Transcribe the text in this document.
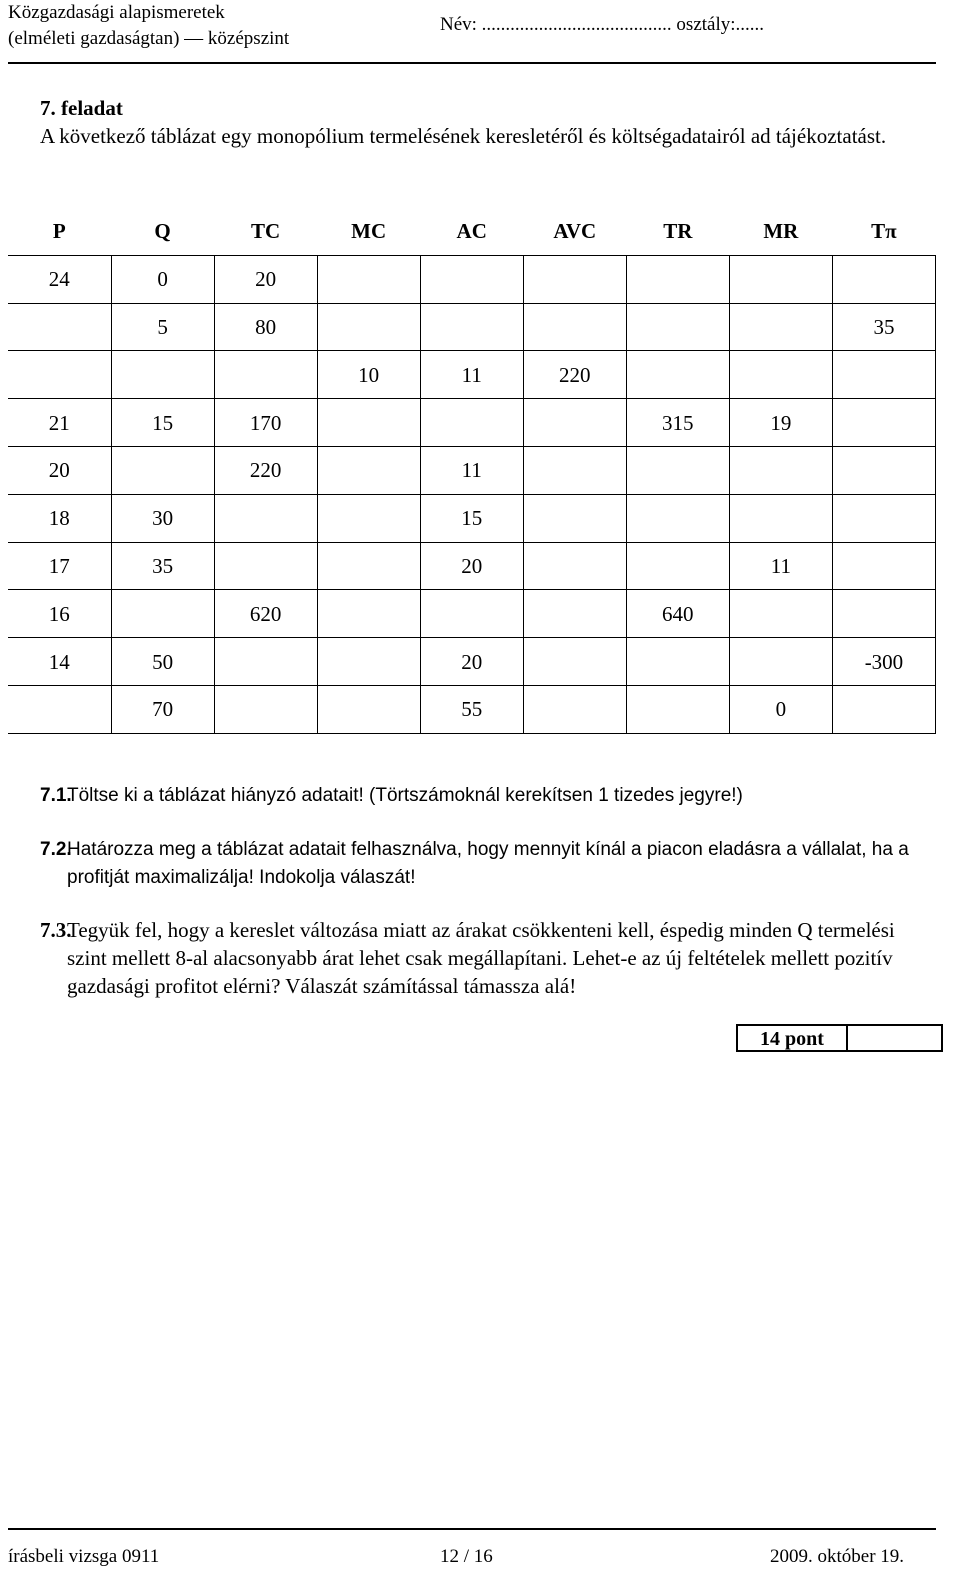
Közgazdasági alapismeretek
(elméleti gazdaságtan) — középszint
Név: ........................................ osztály:......
7. feladat
A következő táblázat egy monopólium termelésének keresletéről és költségadatairól ad tájékoztatást.
P	Q	TC	MC	AC	AVC	TR	MR	Tπ
24	0	20						
	5	80						35
			10	11	220			
21	15	170				315	19	
20		220		11				
18	30			15				
17	35			20			11	
16		620				640		
14	50			20				-300
	70			55			0	
7.1.
Töltse ki a táblázat hiányzó adatait! (Törtszámoknál kerekítsen 1 tizedes jegyre!)
7.2.
Határozza meg a táblázat adatait felhasználva, hogy mennyit kínál a piacon eladásra a vállalat, ha a profitját maximalizálja! Indokolja válaszát!
7.3.
Tegyük fel, hogy a kereslet változása miatt az árakat csökkenteni kell, éspedig minden Q termelési szint mellett 8-al alacsonyabb árat lehet csak megállapítani. Lehet-e az új feltételek mellett pozitív gazdasági profitot elérni? Válaszát számítással támassza alá!
14 pont
írásbeli vizsga 0911	12 / 16	2009. október 19.
